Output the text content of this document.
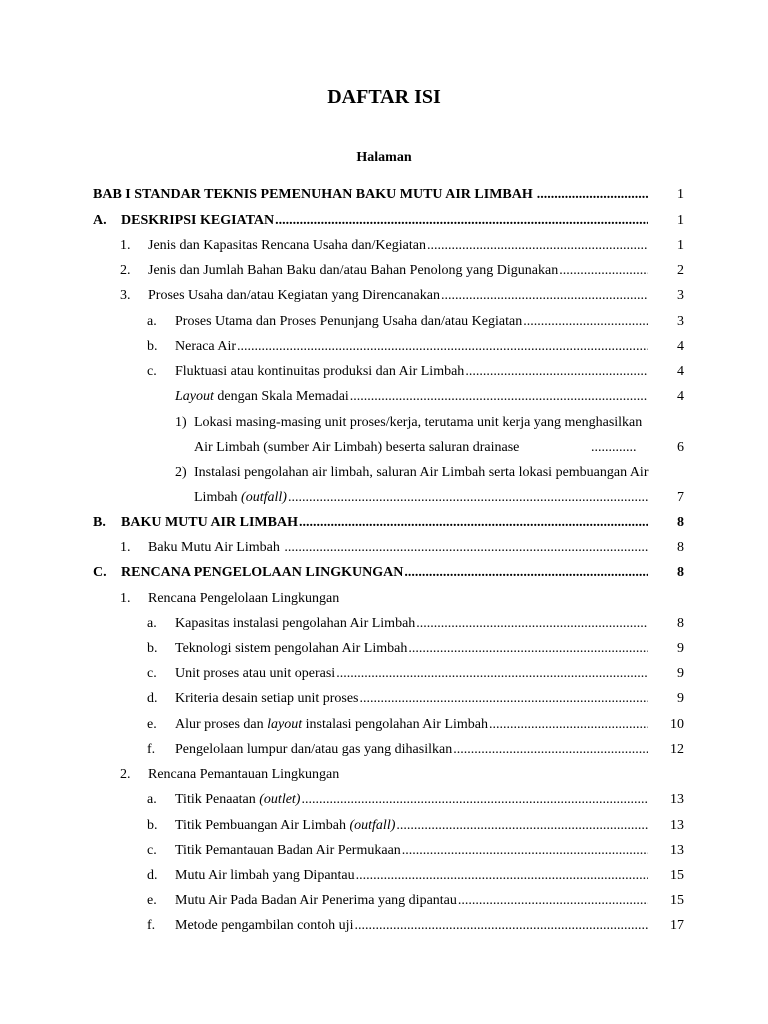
DAFTAR ISI
Halaman
BAB I STANDAR TEKNIS PEMENUHAN BAKU MUTU AIR LIMBAH .....	1
A. DESKRIPSI KEGIATAN .....	1
1. Jenis dan Kapasitas Rencana Usaha dan/Kegiatan .....	1
2. Jenis dan Jumlah Bahan Baku dan/atau Bahan Penolong yang Digunakan .....	2
3. Proses Usaha dan/atau Kegiatan yang Direncanakan .....	3
a. Proses Utama dan Proses Penunjang Usaha dan/atau Kegiatan .....	3
b. Neraca Air .....	4
c. Fluktuasi atau kontinuitas produksi dan Air Limbah .....	4
Layout dengan Skala Memadai .....	4
1) Lokasi masing-masing unit proses/kerja, terutama unit kerja yang menghasilkan
Air Limbah (sumber Air Limbah) beserta saluran drainase	.............	6
2) Instalasi pengolahan air limbah, saluran Air Limbah serta lokasi pembuangan Air
Limbah (outfall) .....	7
B. BAKU MUTU AIR LIMBAH .....	8
1. Baku Mutu Air Limbah .....	8
C. RENCANA PENGELOLAAN LINGKUNGAN .....	8
1. Rencana Pengelolaan Lingkungan
a. Kapasitas instalasi pengolahan Air Limbah .....	8
b. Teknologi sistem pengolahan Air Limbah .....	9
c. Unit proses atau unit operasi .....	9
d. Kriteria desain setiap unit proses .....	9
e. Alur proses dan layout instalasi pengolahan Air Limbah .....	10
f. Pengelolaan lumpur dan/atau gas yang dihasilkan .....	12
2. Rencana Pemantauan Lingkungan
a. Titik Penaatan (outlet) .....	13
b. Titik Pembuangan Air Limbah (outfall) .....	13
c. Titik Pemantauan Badan Air Permukaan .....	13
d. Mutu Air limbah yang Dipantau .....	15
e. Mutu Air Pada Badan Air Penerima yang dipantau .....	15
f. Metode pengambilan contoh uji .....	17
